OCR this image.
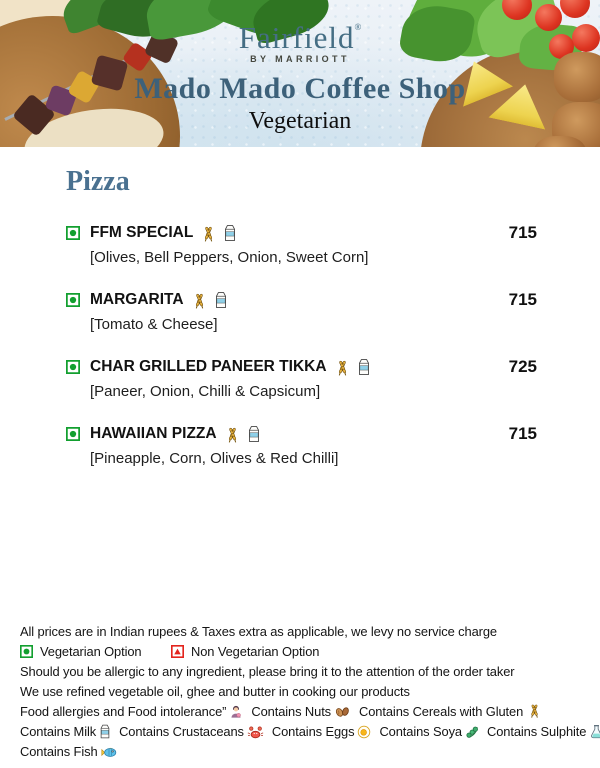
Fairfield®
BY MARRIOTT
Mado Mado Coffee Shop
Vegetarian
Pizza
FFM SPECIAL	715
[Olives, Bell Peppers, Onion, Sweet Corn]
MARGARITA	715
[Tomato & Cheese]
CHAR GRILLED PANEER TIKKA	725
[Paneer, Onion, Chilli & Capsicum]
HAWAIIAN PIZZA	715
[Pineapple, Corn, Olives & Red Chilli]

All prices are in Indian rupees & Taxes extra as applicable, we levy no service charge

Vegetarian Option	Non Vegetarian Option

Should you be allergic to any ingredient, please bring it to the attention of the order taker

We use refined vegetable oil, ghee and butter in cooking our products

Food allergies and Food intolerance” Contains Nuts Contains Cereals with Gluten

Contains Milk Contains Crustaceans Contains Eggs Contains Soya Contains Sulphite

Contains Fish
